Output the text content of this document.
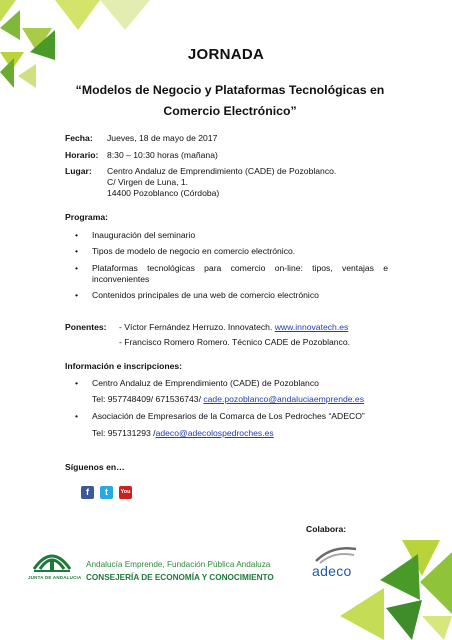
JORNADA
“Modelos de Negocio y Plataformas Tecnológicas en Comercio Electrónico”
Fecha: Jueves, 18 de mayo de 2017
Horario: 8:30 – 10:30 horas (mañana)
Lugar: Centro Andaluz de Emprendimiento (CADE) de Pozoblanco.
C/ Virgen de Luna, 1.
14400 Pozoblanco (Córdoba)
Programa:
• Inauguración del seminario
• Tipos de modelo de negocio en comercio electrónico.
• Plataformas tecnológicas para comercio on-line: tipos, ventajas e inconvenientes
• Contenidos principales de una web de comercio electrónico
Ponentes: - Víctor Fernández Herruzo. Innovatech. www.innovatech.es
- Francisco Romero Romero. Técnico CADE de Pozoblanco.
Información e inscripciones:
• Centro Andaluz de Emprendimiento (CADE) de Pozoblanco
Tel: 957748409/ 671536743/ cade.pozoblanco@andaluciaemprende.es
• Asociación de Empresarios de la Comarca de Los Pedroches “ADECO”
Tel: 957131293 /adeco@adecolospedroches.es
Síguenos en…
f	t	You
Colabora:
JUNTA DE ANDALUCIA
Andalucía Emprende, Fundación Pública Andaluza
CONSEJERÍA DE ECONOMÍA Y CONOCIMIENTO	adeco
